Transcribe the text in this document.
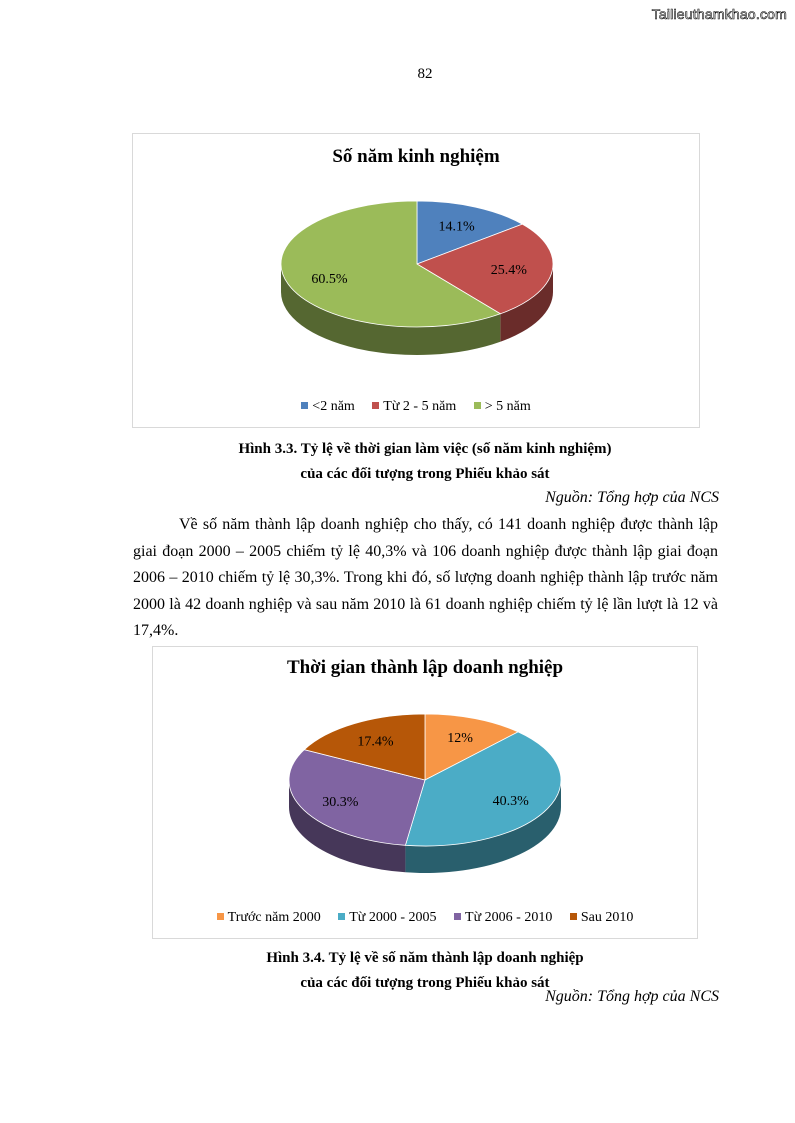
Tailieuthamkhao.com
82
Số năm kinh nghiệm
14.1%
25.4%
60.5%
<2 năm Từ 2 - 5 năm > 5 năm
Hình 3.3. Tỷ lệ về thời gian làm việc (số năm kinh nghiệm)
của các đối tượng trong Phiếu khảo sát
Nguồn: Tổng hợp của NCS

Về số năm thành lập doanh nghiệp cho thấy, có 141 doanh nghiệp được thành lập giai đoạn 2000 – 2005 chiếm tỷ lệ 40,3% và 106 doanh nghiệp được thành lập giai đoạn 2006 – 2010 chiếm tỷ lệ 30,3%. Trong khi đó, số lượng doanh nghiệp thành lập trước năm 2000 là 42 doanh nghiệp và sau năm 2010 là 61 doanh nghiệp chiếm tỷ lệ lần lượt là 12 và 17,4%.

Thời gian thành lập doanh nghiệp
12%
40.3%
30.3%
17.4%
Trước năm 2000 Từ 2000 - 2005 Từ 2006 - 2010 Sau 2010
Hình 3.4. Tỷ lệ về số năm thành lập doanh nghiệp
của các đối tượng trong Phiếu khảo sát
Nguồn: Tổng hợp của NCS
